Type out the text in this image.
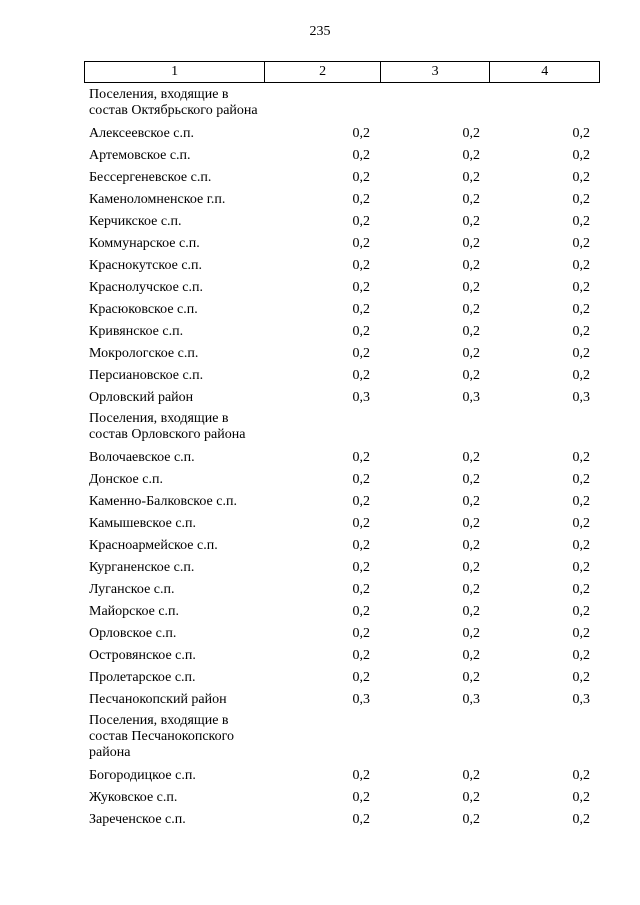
235
1	2	3	4
Поселения, входящие в состав Октябрьского района
Алексеевское с.п.	0,2	0,2	0,2
Артемовское с.п.	0,2	0,2	0,2
Бессергеневское с.п.	0,2	0,2	0,2
Каменоломненское г.п.	0,2	0,2	0,2
Керчикское с.п.	0,2	0,2	0,2
Коммунарское с.п.	0,2	0,2	0,2
Краснокутское с.п.	0,2	0,2	0,2
Краснолучское с.п.	0,2	0,2	0,2
Красюковское с.п.	0,2	0,2	0,2
Кривянское с.п.	0,2	0,2	0,2
Мокрологское с.п.	0,2	0,2	0,2
Персиановское с.п.	0,2	0,2	0,2
Орловский район	0,3	0,3	0,3
Поселения, входящие в состав Орловского района
Волочаевское с.п.	0,2	0,2	0,2
Донское с.п.	0,2	0,2	0,2
Каменно-Балковское с.п.	0,2	0,2	0,2
Камышевское с.п.	0,2	0,2	0,2
Красноармейское с.п.	0,2	0,2	0,2
Курганенское с.п.	0,2	0,2	0,2
Луганское с.п.	0,2	0,2	0,2
Майорское с.п.	0,2	0,2	0,2
Орловское с.п.	0,2	0,2	0,2
Островянское с.п.	0,2	0,2	0,2
Пролетарское с.п.	0,2	0,2	0,2
Песчанокопский район	0,3	0,3	0,3
Поселения, входящие в состав Песчанокопского района
Богородицкое с.п.	0,2	0,2	0,2
Жуковское с.п.	0,2	0,2	0,2
Зареченское с.п.	0,2	0,2	0,2
